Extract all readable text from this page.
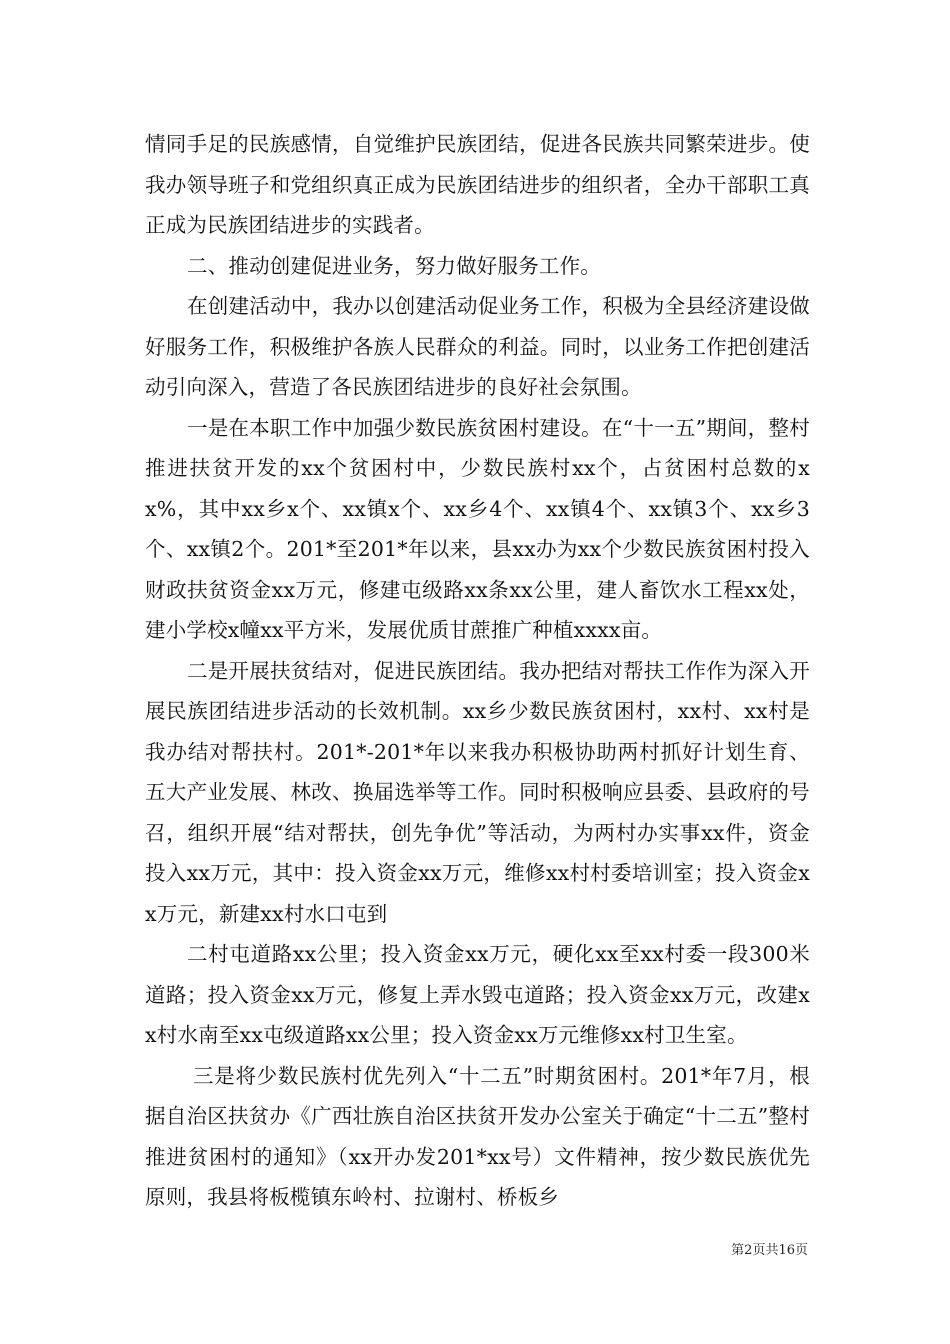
情同手足的民族感情，自觉维护民族团结，促进各民族共同繁荣进步。使我办领导班子和党组织真正成为民族团结进步的组织者，全办干部职工真正成为民族团结进步的实践者。

二、推动创建促进业务，努力做好服务工作。

在创建活动中，我办以创建活动促业务工作，积极为全县经济建设做好服务工作，积极维护各族人民群众的利益。同时，以业务工作把创建活动引向深入，营造了各民族团结进步的良好社会氛围。

一是在本职工作中加强少数民族贫困村建设。在“十一五”期间，整村推进扶贫开发的xx个贫困村中，少数民族村xx个，占贫困村总数的xx%，其中xx乡x个、xx镇x个、xx乡4个、xx镇4个、xx镇3个、xx乡3个、xx镇2个。201*至201*年以来，县xx办为xx个少数民族贫困村投入财政扶贫资金xx万元，修建屯级路xx条xx公里，建人畜饮水工程xx处，建小学校x幢xx平方米，发展优质甘蔗推广种植xxxx亩。

二是开展扶贫结对，促进民族团结。我办把结对帮扶工作作为深入开展民族团结进步活动的长效机制。xx乡少数民族贫困村，xx村、xx村是我办结对帮扶村。201*-201*年以来我办积极协助两村抓好计划生育、五大产业发展、林改、换届选举等工作。同时积极响应县委、县政府的号召，组织开展“结对帮扶，创先争优”等活动，为两村办实事xx件，资金投入xx万元，其中：投入资金xx万元，维修xx村村委培训室；投入资金xx万元，新建xx村水口屯到

二村屯道路xx公里；投入资金xx万元，硬化xx至xx村委一段300米道路；投入资金xx万元，修复上弄水毁屯道路；投入资金xx万元，改建xx村水南至xx屯级道路xx公里；投入资金xx万元维修xx村卫生室。

三是将少数民族村优先列入“十二五”时期贫困村。201*年7月，根据自治区扶贫办《广西壮族自治区扶贫开发办公室关于确定“十二五”整村推进贫困村的通知》（xx开办发201*xx号）文件精神，按少数民族优先原则，我县将板榄镇东岭村、拉谢村、桥板乡

第2页共16页
